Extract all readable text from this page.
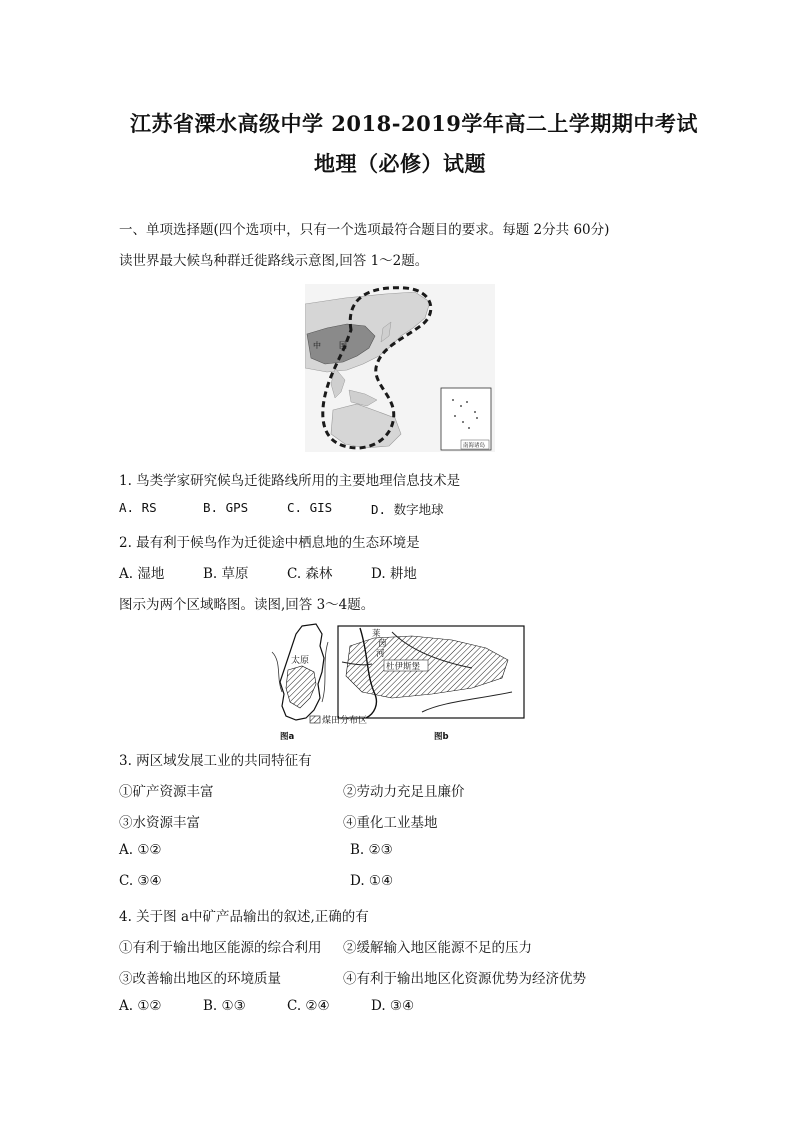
江苏省溧水高级中学 2018-2019学年高二上学期期中考试
地理（必修）试题
一、单项选择题(四个选项中，只有一个选项最符合题目的要求。每题 2分共 60分)
读世界最大候鸟种群迁徙路线示意图,回答 1～2题。
中 国
南海诸岛
1. 鸟类学家研究候鸟迁徙路线所用的主要地理信息技术是
A. RS	B. GPS	C. GIS	D. 数字地球
2. 最有利于候鸟作为迁徙途中栖息地的生态环境是
A. 湿地	B. 草原	C. 森林	D. 耕地
图示为两个区域略图。读图,回答 3～4题。
太原
杜伊斯堡
莱
茵
河
煤田分布区
图a	图b
3. 两区域发展工业的共同特征有
①矿产资源丰富	②劳动力充足且廉价
③水资源丰富	④重化工业基地
A. ①②	B. ②③
C. ③④	D. ①④
4. 关于图 a中矿产品输出的叙述,正确的有
①有利于输出地区能源的综合利用 ②缓解输入地区能源不足的压力
③改善输出地区的环境质量	④有利于输出地区化资源优势为经济优势
A. ①②	B. ①③	C. ②④	D. ③④
